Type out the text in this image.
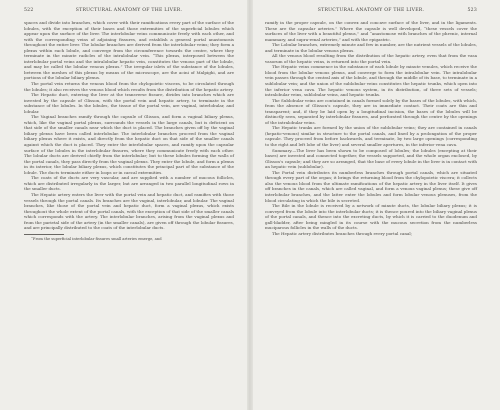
522	STRUCTURAL ANATOMY OF THE LIVER.

spaces and divide into branches, which cover with their ramifications every part of the surface of the lobules, with the exception of their bases and those extremities of the superficial lobules which appear upon the surface of the liver. The interlobular veins communicate freely with each other, and with the corresponding veins of adjoining fissures, and establish a general portal anastomosis throughout the entire liver. The lobular branches are derived from the interlobular veins; they form a plexus within each lobule, and converge from the circumference towards the centre, where they terminate in the minute radicles of the intralobular vein. “This plexus, interposed between the interlobular portal veins and the intralobular hepatic vein, constitutes the venous part of the lobule, and may be called the lobular venous plexus.” The irregular islets of the substance of the lobules, between the meshes of this plexus by means of the microscope, are the acini of Malpighi, and are portions of the lobular biliary plexus.

The portal vein returns the venous blood from the chylopoietic viscera, to be circulated through the lobules; it also receives the venous blood which results from the distribution of the hepatic artery.

The Hepatic duct, entering the liver at the transverse fissure, divides into branches which are invested by the capsule of Glisson, with the portal vein and hepatic artery, to terminate in the substance of the lobules. In the lobules, the tissue of the portal vein, are vaginal, interlobular, and lobular.

The Vaginal branches ramify through the capsule of Glisson, and form a vaginal biliary plexus, which, like the vaginal portal plexus, surrounds the vessels in the large canals, but is deficient on that side of the smaller canals near which the duct is placed. The branches given off by the vaginal biliary plexus have been called interlobular. The interlobular branches proceed from the vaginal biliary plexus where it exists, and directly from the hepatic duct on that side of the smaller canals against which the duct is placed. They enter the interlobular spaces, and ramify upon the capsular surface of the lobules in the interlobular fissures, where they communicate freely with each other. The lobular ducts are derived chiefly from the interlobular; but to these lobules forming the walls of the portal canals, they pass directly from the vaginal plexus. They enter the lobule, and form a plexus in its interior, the lobular biliary plexus, which constitutes the principal part of the substance of the lobule. The ducts terminate either in loops or in caecal extremities.

The coats of the ducts are very vascular, and are supplied with a number of mucous follicles, which are distributed irregularly in the larger, but are arranged in two parallel longitudinal rows in the smaller ducts.

The Hepatic artery enters the liver with the portal vein and hepatic duct, and ramifies with those vessels through the portal canals. Its branches are the vaginal, interlobular, and lobular. The vaginal branches, like those of the portal vein and hepatic duct, form a vaginal plexus, which exists throughout the whole extent of the portal canals, with the exception of that side of the smaller canals which corresponds with the artery. The interlobular branches, arising from the vaginal plexus and from the parietal side of the artery (in the smaller canals), are given off through the lobular fissures, and are principally distributed to the coats of the interlobular ducts.

“From the superficial interlobular fissures small arteries emerge, and

STRUCTURAL ANATOMY OF THE LIVER.	523

ramify in the proper capsule, on the convex and concave surface of the liver, and in the ligaments. These are the capsular arteries.” Where the capsule is well developed, “these vessels cover the surfaces of the liver with a beautiful plexus,” and “anastomose with branches of the phrenic, internal mammary, and supra-renal arteries,” and with the epigastric.

The Lobular branches, extremely minute and few in number, are the nutrient vessels of the lobules, and terminate in the lobular venous plexus.

All the venous blood resulting from the distribution of the hepatic artery, even that from the vasa vasorum of the hepatic veins, is returned into the portal vein.

The Hepatic veins commence in the substance of each lobule by minute venules, which receive the blood from the lobular venous plexus, and converge to form the intralobular vein. The intralobular vein passes through the central axis of the lobule, and through the middle of its base, to terminate in a sublobular vein; and the union of the sublobular veins constitutes the hepatic trunks, which open into the inferior vena cava. The hepatic venous system, in its distribution, of three sets of vessels; intralobular veins, sublobular veins, and hepatic trunks.

The Sublobular veins are contained in canals formed solely by the bases of the lobules, with which, from the absence of Glisson’s capsule, they are in immediate contact. Their coats are thin and transparent; and, if they be laid open by a longitudinal incision, the bases of the lobules will be distinctly seen, separated by interlobular fissures, and perforated through the centre by the openings of the intralobular veins.

The Hepatic trunks are formed by the union of the sublobular veins; they are contained in canals (hepatic-venous) similar in structure to the portal canals, and lined by a prolongation of the proper capsule. They proceed from before backwards, and terminate, by two large openings (corresponding to the right and left lobe of the liver) and several smaller apertures, in the inferior vena cava.

Summary.—The liver has been shown to be composed of lobules; the lobules (excepting at their bases) are invested and connected together, the vessels supported, and the whole organ enclosed, by Glisson’s capsule; and they are so arranged, that the base of every lobule in the liver is in contact with an hepatic vein (sublobular).

The Portal vein distributes its numberless branches through portal canals, which are situated through every part of the organ; it brings the returning blood from the chylopoietic viscera; it collects also the venous blood from the ultimate ramifications of the hepatic artery in the liver itself. It gives off branches in the canals, which are called vaginal, and form a venous vaginal plexus; these give off interlobular branches, and the latter enter the lobules and form lobular venous plexuses, from the blood circulating in which the bile is secreted.

The Bile in the lobule is received by a network of minute ducts, the lobular biliary plexus; it is conveyed from the lobule into the interlobular ducts; it is thence poured into the biliary vaginal plexus of the portal canals, and thence into the excreting ducts, by which it is carried to the duodenum and gall-bladder, after being mingled in its course with the mucous secretion from the numberless muciparous follicles in the walls of the ducts.

The Hepatic artery distributes branches through every portal canal;
